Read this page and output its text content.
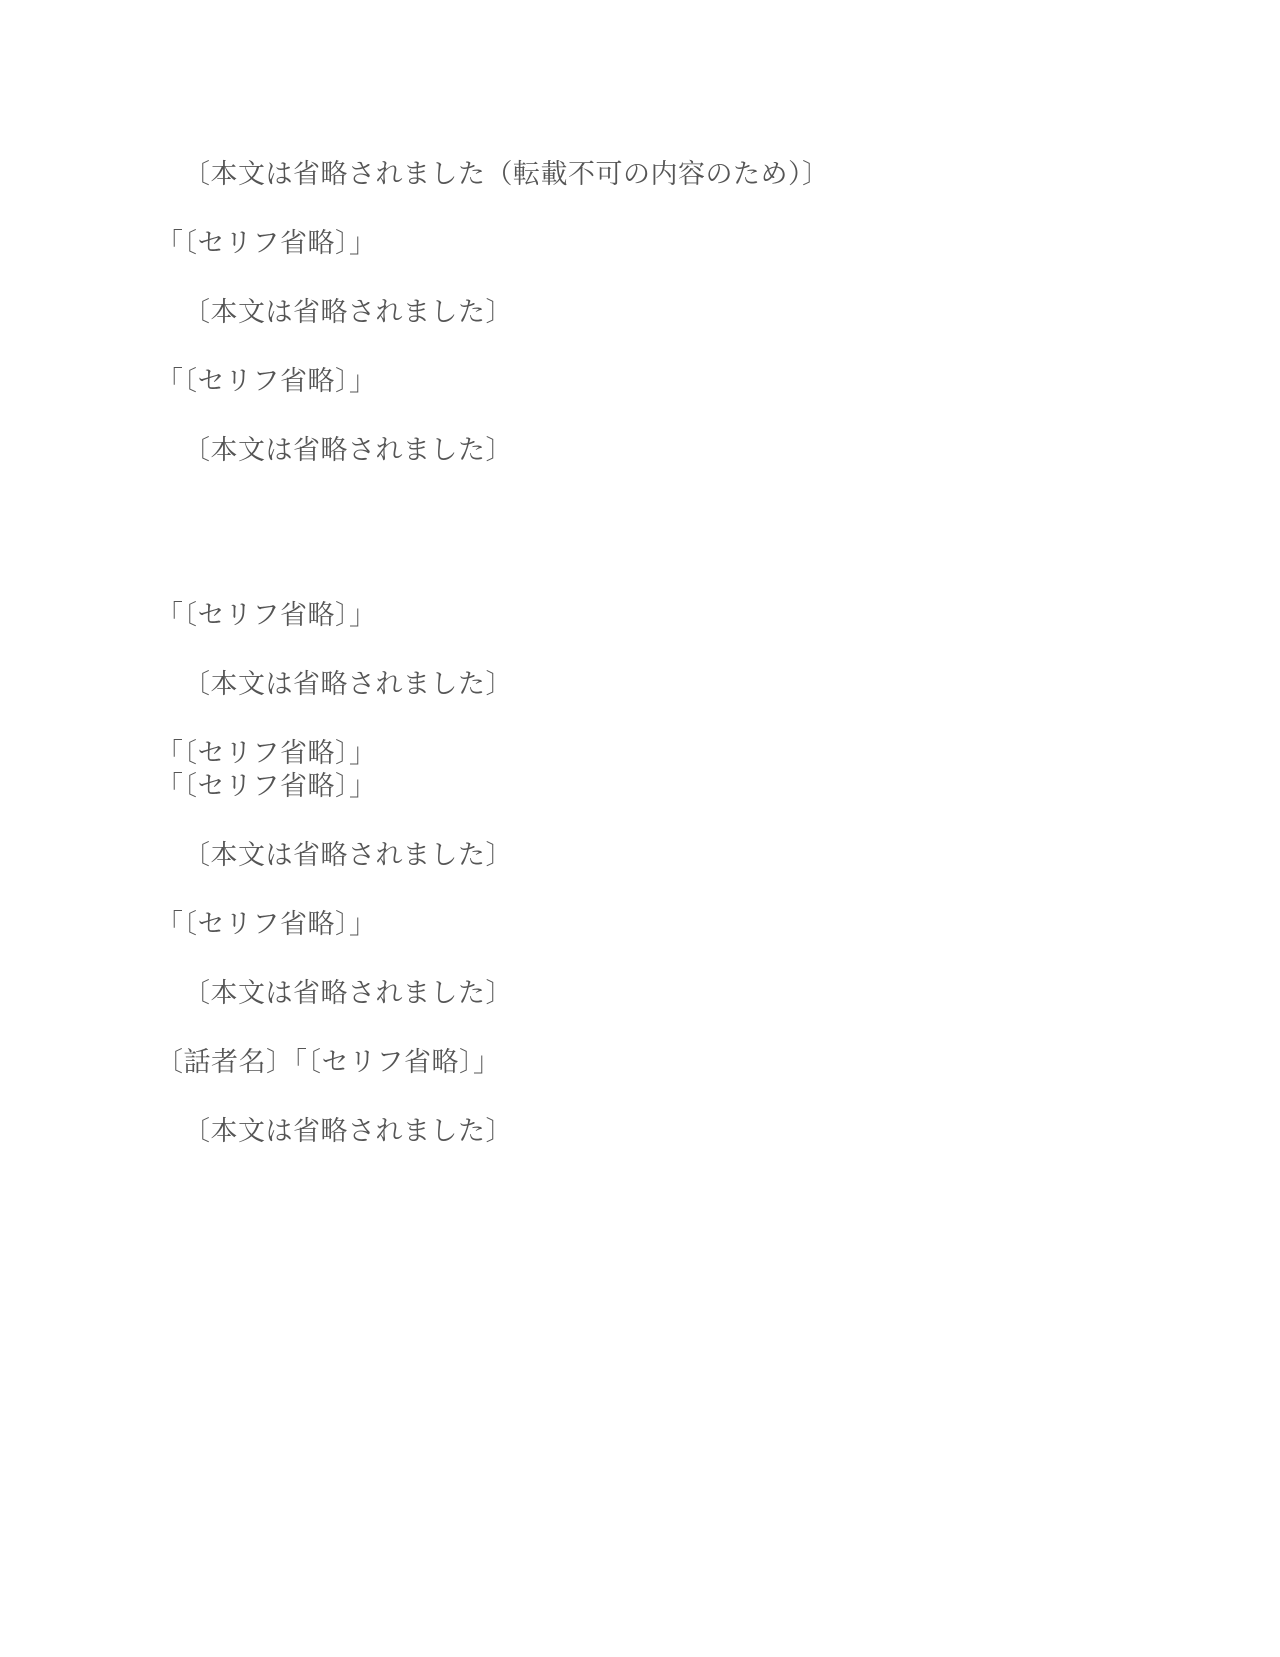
〔本文は省略されました（転載不可の内容のため）〕

「〔セリフ省略〕」

〔本文は省略されました〕

「〔セリフ省略〕」

〔本文は省略されました〕

「〔セリフ省略〕」

〔本文は省略されました〕

「〔セリフ省略〕」

「〔セリフ省略〕」

〔本文は省略されました〕

「〔セリフ省略〕」

〔本文は省略されました〕

〔話者名〕「〔セリフ省略〕」

〔本文は省略されました〕
